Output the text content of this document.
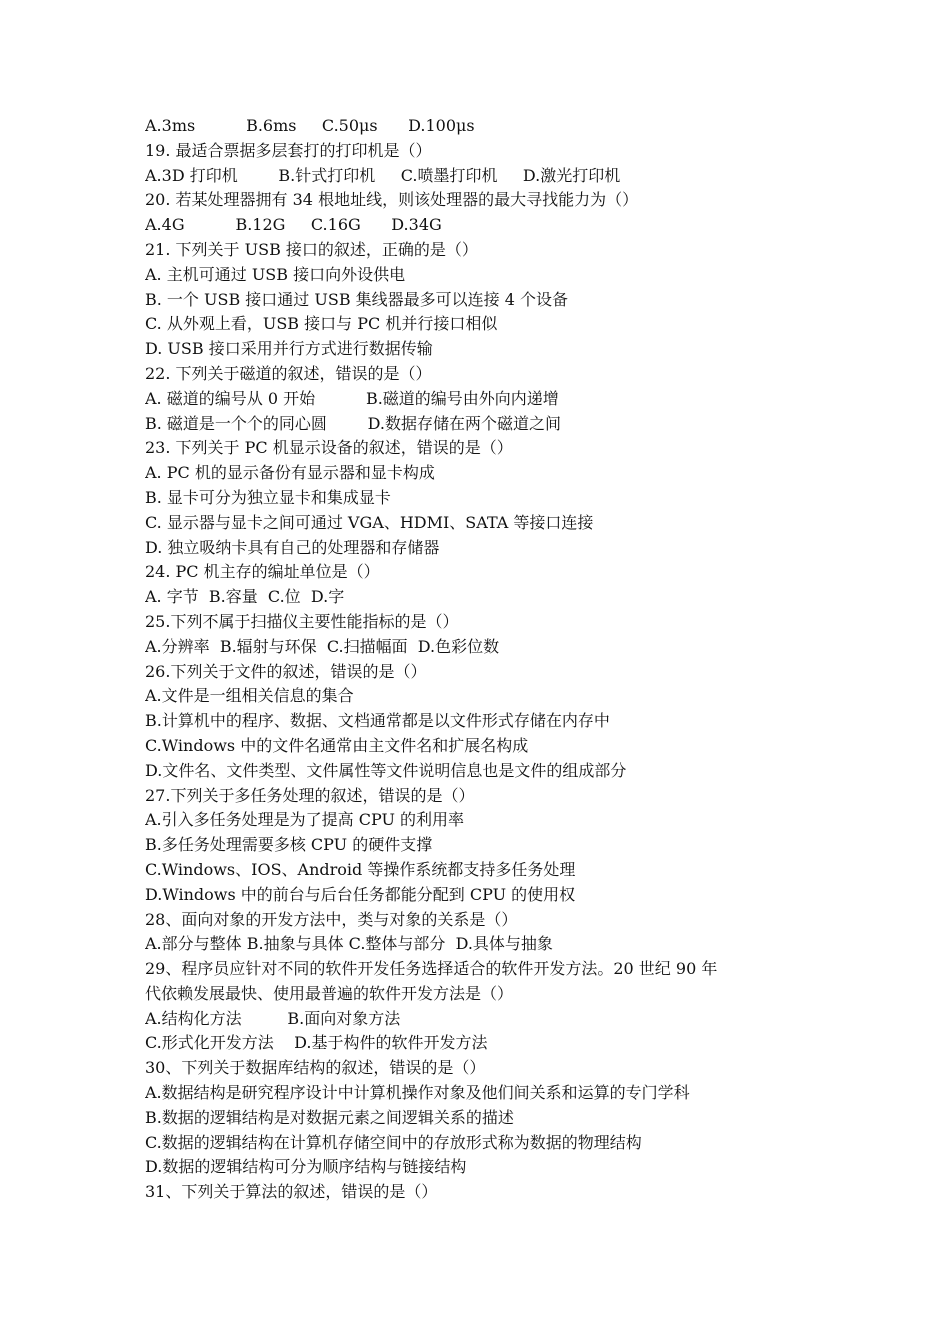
A.3ms          B.6ms     C.50μs      D.100μs
19. 最适合票据多层套打的打印机是（）
A.3D 打印机        B.针式打印机     C.喷墨打印机     D.激光打印机
20. 若某处理器拥有 34 根地址线，则该处理器的最大寻找能力为（）
A.4G          B.12G     C.16G      D.34G
21. 下列关于 USB 接口的叙述，正确的是（）
A. 主机可通过 USB 接口向外设供电
B. 一个 USB 接口通过 USB 集线器最多可以连接 4 个设备
C. 从外观上看，USB 接口与 PC 机并行接口相似
D. USB 接口采用并行方式进行数据传输
22. 下列关于磁道的叙述，错误的是（）
A. 磁道的编号从 0 开始          B.磁道的编号由外向内递增
B. 磁道是一个个的同心圆        D.数据存储在两个磁道之间
23. 下列关于 PC 机显示设备的叙述，错误的是（）
A. PC 机的显示备份有显示器和显卡构成
B. 显卡可分为独立显卡和集成显卡
C. 显示器与显卡之间可通过 VGA、HDMI、SATA 等接口连接
D. 独立吸纳卡具有自己的处理器和存储器
24. PC 机主存的编址单位是（）
A. 字节  B.容量  C.位  D.字
25.下列不属于扫描仪主要性能指标的是（）
A.分辨率  B.辐射与环保  C.扫描幅面  D.色彩位数
26.下列关于文件的叙述，错误的是（）
A.文件是一组相关信息的集合
B.计算机中的程序、数据、文档通常都是以文件形式存储在内存中
C.Windows 中的文件名通常由主文件名和扩展名构成
D.文件名、文件类型、文件属性等文件说明信息也是文件的组成部分
27.下列关于多任务处理的叙述，错误的是（）
A.引入多任务处理是为了提高 CPU 的利用率
B.多任务处理需要多核 CPU 的硬件支撑
C.Windows、IOS、Android 等操作系统都支持多任务处理
D.Windows 中的前台与后台任务都能分配到 CPU 的使用权
28、面向对象的开发方法中，类与对象的关系是（）
A.部分与整体 B.抽象与具体 C.整体与部分  D.具体与抽象
29、程序员应针对不同的软件开发任务选择适合的软件开发方法。20 世纪 90 年
代依赖发展最快、使用最普遍的软件开发方法是（）
A.结构化方法         B.面向对象方法
C.形式化开发方法    D.基于构件的软件开发方法
30、下列关于数据库结构的叙述，错误的是（）
A.数据结构是研究程序设计中计算机操作对象及他们间关系和运算的专门学科
B.数据的逻辑结构是对数据元素之间逻辑关系的描述
C.数据的逻辑结构在计算机存储空间中的存放形式称为数据的物理结构
D.数据的逻辑结构可分为顺序结构与链接结构
31、下列关于算法的叙述，错误的是（）
